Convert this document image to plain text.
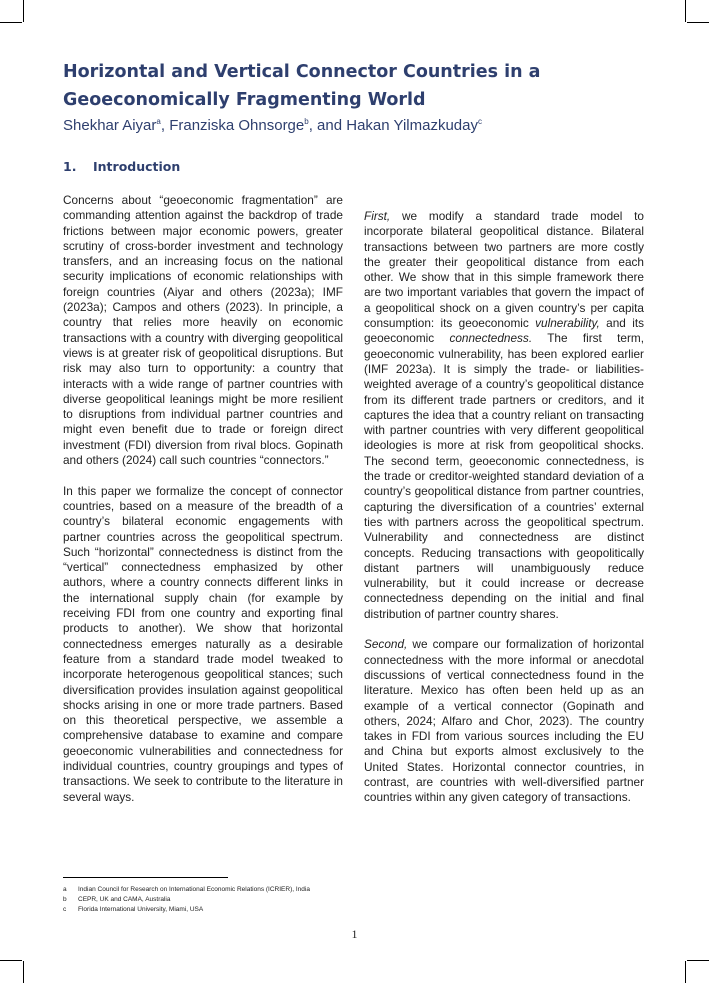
Horizontal and Vertical Connector Countries in a Geoeconomically Fragmenting World
Shekhar Aiyar$^a$, Franziska Ohnsorge$^b$, and Hakan Yilmazkuday$^c$
1. Introduction

Concerns about “geoeconomic fragmentation” are commanding attention against the backdrop of trade frictions between major economic powers, greater scrutiny of cross-border investment and technology transfers, and an increasing focus on the national security implications of economic relationships with foreign countries (Aiyar and others (2023a); IMF (2023a); Campos and others (2023). In principle, a country that relies more heavily on economic transactions with a country with diverging geopolitical views is at greater risk of geopolitical disruptions. But risk may also turn to opportunity: a country that interacts with a wide range of partner countries with diverse geopolitical leanings might be more resilient to disruptions from individual partner countries and might even benefit due to trade or foreign direct investment (FDI) diversion from rival blocs. Gopinath and others (2024) call such countries “connectors.”

In this paper we formalize the concept of connector countries, based on a measure of the breadth of a country’s bilateral economic engagements with partner countries across the geopolitical spectrum. Such “horizontal” connectedness is distinct from the “vertical” connectedness emphasized by other authors, where a country connects different links in the international supply chain (for example by receiving FDI from one country and exporting final products to another). We show that horizontal connectedness emerges naturally as a desirable feature from a standard trade model tweaked to incorporate heterogenous geopolitical stances; such diversification provides insulation against geopolitical shocks arising in one or more trade partners. Based on this theoretical perspective, we assemble a comprehensive database to examine and compare geoeconomic vulnerabilities and connectedness for individual countries, country groupings and types of transactions. We seek to contribute to the literature in several ways.

First, we modify a standard trade model to incorporate bilateral geopolitical distance. Bilateral transactions between two partners are more costly the greater their geopolitical distance from each other. We show that in this simple framework there are two important variables that govern the impact of a geopolitical shock on a given country’s per capita consumption: its geoeconomic vulnerability, and its geoeconomic connectedness. The first term, geoeconomic vulnerability, has been explored earlier (IMF 2023a). It is simply the trade- or liabilities-weighted average of a country’s geopolitical distance from its different trade partners or creditors, and it captures the idea that a country reliant on transacting with partner countries with very different geopolitical ideologies is more at risk from geopolitical shocks. The second term, geoeconomic connectedness, is the trade or creditor-weighted standard deviation of a country’s geopolitical distance from partner countries, capturing the diversification of a countries’ external ties with partners across the geopolitical spectrum. Vulnerability and connectedness are distinct concepts. Reducing transactions with geopolitically distant partners will unambiguously reduce vulnerability, but it could increase or decrease connectedness depending on the initial and final distribution of partner country shares.

Second, we compare our formalization of horizontal connectedness with the more informal or anecdotal discussions of vertical connectedness found in the literature. Mexico has often been held up as an example of a vertical connector (Gopinath and others, 2024; Alfaro and Chor, 2023). The country takes in FDI from various sources including the EU and China but exports almost exclusively to the United States. Horizontal connector countries, in contrast, are countries with well-diversified partner countries within any given category of transactions.

a	Indian Council for Research on International Economic Relations (ICRIER), India
b	CEPR, UK and CAMA, Australia
c	Florida International University, Miami, USA
1
